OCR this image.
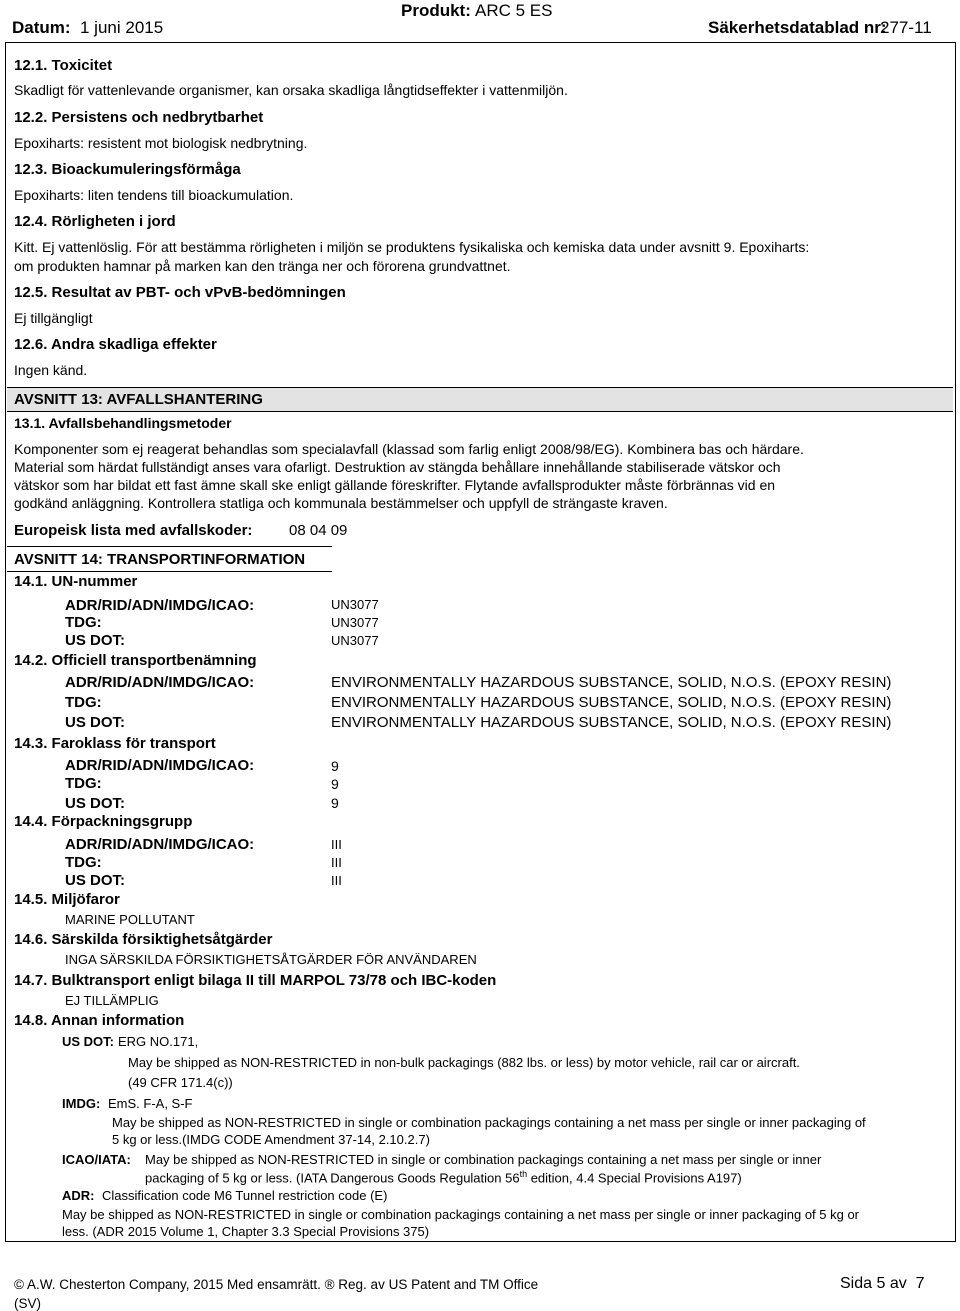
Datum: 1 juni 2015
Produkt: ARC 5 ES
Säkerhetsdatablad nr:
277-11
12.1. Toxicitet
Skadligt för vattenlevande organismer, kan orsaka skadliga långtidseffekter i vattenmiljön.
12.2. Persistens och nedbrytbarhet
Epoxiharts: resistent mot biologisk nedbrytning.
12.3. Bioackumuleringsförmåga
Epoxiharts: liten tendens till bioackumulation.
12.4. Rörligheten i jord
Kitt. Ej vattenlöslig. För att bestämma rörligheten i miljön se produktens fysikaliska och kemiska data under avsnitt 9. Epoxiharts:
om produkten hamnar på marken kan den tränga ner och förorena grundvattnet.
12.5. Resultat av PBT- och vPvB-bedömningen
Ej tillgängligt
12.6. Andra skadliga effekter
Ingen känd.
AVSNITT 13: AVFALLSHANTERING
13.1. Avfallsbehandlingsmetoder
Komponenter som ej reagerat behandlas som specialavfall (klassad som farlig enligt 2008/98/EG). Kombinera bas och härdare.
Material som härdat fullständigt anses vara ofarligt. Destruktion av stängda behållare innehållande stabiliserade vätskor och
vätskor som har bildat ett fast ämne skall ske enligt gällande föreskrifter. Flytande avfallsprodukter måste förbrännas vid en
godkänd anläggning. Kontrollera statliga och kommunala bestämmelser och uppfyll de strängaste kraven.
Europeisk lista med avfallskoder: 08 04 09
AVSNITT 14: TRANSPORTINFORMATION
14.1. UN-nummer
ADR/RID/ADN/IMDG/ICAO:	UN3077
TDG:	UN3077
US DOT:	UN3077
14.2. Officiell transportbenämning
ADR/RID/ADN/IMDG/ICAO:	ENVIRONMENTALLY HAZARDOUS SUBSTANCE, SOLID, N.O.S. (EPOXY RESIN)
TDG:	ENVIRONMENTALLY HAZARDOUS SUBSTANCE, SOLID, N.O.S. (EPOXY RESIN)
US DOT:	ENVIRONMENTALLY HAZARDOUS SUBSTANCE, SOLID, N.O.S. (EPOXY RESIN)
14.3. Faroklass för transport
ADR/RID/ADN/IMDG/ICAO:	9
TDG:	9
US DOT:	9
14.4. Förpackningsgrupp
ADR/RID/ADN/IMDG/ICAO:	III
TDG:	III
US DOT:	III
14.5. Miljöfaror
MARINE POLLUTANT
14.6. Särskilda försiktighetsåtgärder
INGA SÄRSKILDA FÖRSIKTIGHETSÅTGÄRDER FÖR ANVÄNDAREN
14.7. Bulktransport enligt bilaga II till MARPOL 73/78 och IBC-koden
EJ TILLÄMPLIG
14.8. Annan information
US DOT: ERG NO.171,
May be shipped as NON-RESTRICTED in non-bulk packagings (882 lbs. or less) by motor vehicle, rail car or aircraft.
(49 CFR 171.4(c))
IMDG: EmS. F-A, S-F
May be shipped as NON-RESTRICTED in single or combination packagings containing a net mass per single or inner packaging of
5 kg or less.(IMDG CODE Amendment 37-14, 2.10.2.7)
ICAO/IATA: May be shipped as NON-RESTRICTED in single or combination packagings containing a net mass per single or inner
packaging of 5 kg or less. (IATA Dangerous Goods Regulation 56th edition, 4.4 Special Provisions A197)
ADR: Classification code M6 Tunnel restriction code (E)
May be shipped as NON-RESTRICTED in single or combination packagings containing a net mass per single or inner packaging of 5 kg or
less. (ADR 2015 Volume 1, Chapter 3.3 Special Provisions 375)
© A.W. Chesterton Company, 2015 Med ensamrätt. ® Reg. av US Patent and TM Office
(SV)
Sida 5 av  7
